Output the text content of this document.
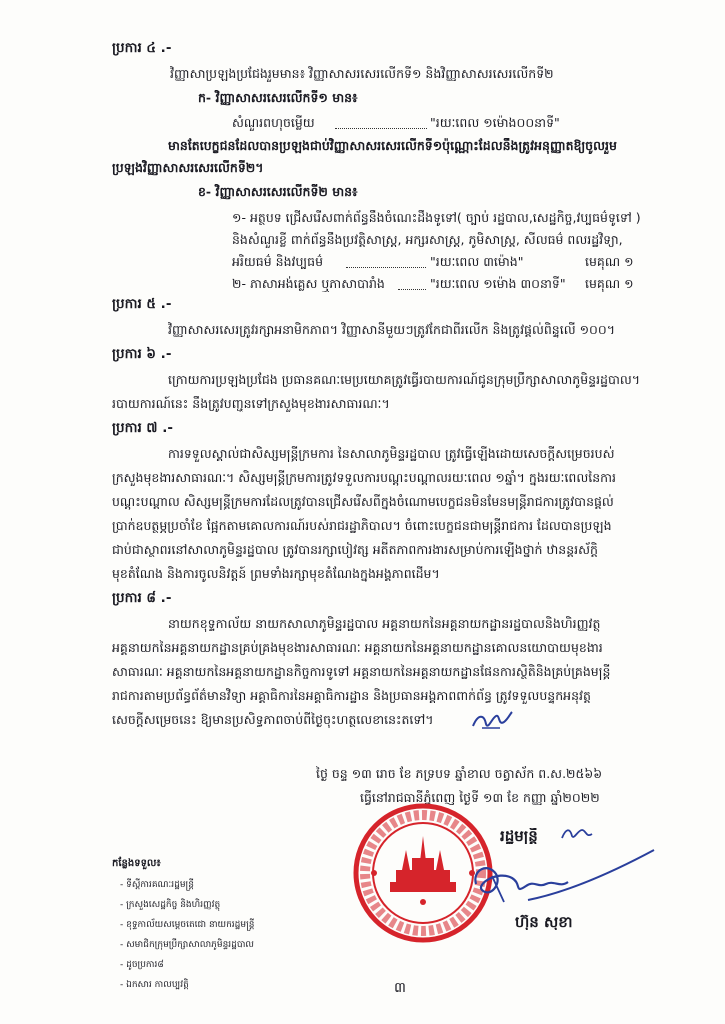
ប្រការ ៤ .-
វិញ្ញាសាប្រឡងប្រជែងរួមមាន៖ វិញ្ញាសាសរសេរលើកទី១ និងវិញ្ញាសាសរសេរលើកទី២
ក- វិញ្ញាសាសរសេរលើកទី១ មាន៖
សំណួរពហុចម្លើយ	"រយៈពេល ១ម៉ោង០០នាទី"
មានតែបេក្ខជនដែលបានប្រឡងជាប់វិញ្ញាសាសរសេរលើកទី១ប៉ុណ្ណោះដែលនឹងត្រូវអនុញ្ញាតឱ្យចូលរួម
ប្រឡងវិញ្ញាសាសរសេរលើកទី២។
ខ- វិញ្ញាសាសរសេរលើកទី២ មាន៖
១- អត្ថបទ ជ្រើសរើសពាក់ព័ន្ធនឹងចំណេះដឹងទូទៅ( ច្បាប់ រដ្ឋបាល,សេដ្ឋកិច្ច,វប្បធម៌ទូទៅ )
និងសំណួរខ្លី ពាក់ព័ន្ធនឹងប្រវត្តិសាស្ត្រ, អក្សរសាស្ត្រ, ភូមិសាស្ត្រ, សីលធម៌ ពលរដ្ឋវិទ្យា,
អរិយធម៌ និងវប្បធម៌	"រយៈពេល ៣ម៉ោង"	មេគុណ ១
២- ភាសាអង់គ្លេស ឬភាសាបារាំង	"រយៈពេល ១ម៉ោង ៣០នាទី" មេគុណ ១
ប្រការ ៥ .-
វិញ្ញាសាសរសេរត្រូវរក្សាអនាមិកភាព។ វិញ្ញាសានីមួយៗត្រូវកែជាពីរលើក និងត្រូវផ្តល់ពិន្ទុលើ ១០០។
ប្រការ ៦ .-
ក្រោយការប្រឡងប្រជែង ប្រធានគណៈមេប្រយោគត្រូវធ្វើរបាយការណ៍ជូនក្រុមប្រឹក្សាសាលាភូមិន្ទរដ្ឋបាល។
របាយការណ៍នេះ នឹងត្រូវបញ្ជូនទៅក្រសួងមុខងារសាធារណៈ។
ប្រការ ៧ .-
ការទទួលស្គាល់ជាសិស្សមន្ត្រីក្រមការ នៃសាលាភូមិន្ទរដ្ឋបាល ត្រូវធ្វើឡើងដោយសេចក្តីសម្រេចរបស់
ក្រសួងមុខងារសាធារណៈ។ សិស្សមន្ត្រីក្រមការត្រូវទទួលការបណ្តុះបណ្តាលរយៈពេល ១ឆ្នាំ។ ក្នុងរយៈពេលនៃការ
បណ្តុះបណ្តាល សិស្សមន្ត្រីក្រមការដែលត្រូវបានជ្រើសរើសពីក្នុងចំណោមបេក្ខជនមិនមែនមន្ត្រីរាជការត្រូវបានផ្តល់
ប្រាក់ឧបត្ថម្ភប្រចាំខែ ផ្អែកតាមគោលការណ៍របស់រាជរដ្ឋាភិបាល។ ចំពោះបេក្ខជនជាមន្ត្រីរាជការ ដែលបានប្រឡង
ជាប់ជាស្ថាពរនៅសាលាភូមិន្ទរដ្ឋបាល ត្រូវបានរក្សាបៀវត្ស អតីតភាពការងារសម្រាប់ការឡើងថ្នាក់ ឋានន្តរស័ក្តិ
មុខតំណែង និងការចូលនិវត្តន៍ ព្រមទាំងរក្សាមុខតំណែងក្នុងអង្គភាពដើម។
ប្រការ ៨ .-
នាយកខុទ្ទកាល័យ នាយកសាលាភូមិន្ទរដ្ឋបាល អគ្គនាយកនៃអគ្គនាយកដ្ឋានរដ្ឋបាលនិងហិរញ្ញវត្ថុ
អគ្គនាយកនៃអគ្គនាយកដ្ឋានគ្រប់គ្រងមុខងារសាធារណៈ អគ្គនាយកនៃអគ្គនាយកដ្ឋានគោលនយោបាយមុខងារ
សាធារណៈ អគ្គនាយកនៃអគ្គនាយកដ្ឋានកិច្ចការទូទៅ អគ្គនាយកនៃអគ្គនាយកដ្ឋានផែនការស្ថិតិនិងគ្រប់គ្រងមន្ត្រី
រាជការតាមប្រព័ន្ធព័ត៌មានវិទ្យា អគ្គាធិការនៃអគ្គាធិការដ្ឋាន និងប្រធានអង្គភាពពាក់ព័ន្ធ ត្រូវទទួលបន្ទុកអនុវត្ត
សេចក្តីសម្រេចនេះ ឱ្យមានប្រសិទ្ធភាពចាប់ពីថ្ងៃចុះហត្ថលេខានេះតទៅ។
ថ្ងៃ ចន្ទ ១៣ រោច ខែ ភទ្របទ ឆ្នាំខាល ចត្វាស័ក ព.ស.២៥៦៦
ធ្វើនៅរាជធានីភ្នំពេញ ថ្ងៃទី ១៣ ខែ កញ្ញា ឆ្នាំ២០២២
រដ្ឋមន្ត្រី
ហ៊ុន សុខា
កន្លែងទទួល៖
- ទីស្តីការគណៈរដ្ឋមន្ត្រី
- ក្រសួងសេដ្ឋកិច្ច និងហិរញ្ញវត្ថុ
- ខុទ្ទកាល័យសម្តេចតេជោ នាយករដ្ឋមន្ត្រី
- សមាជិកក្រុមប្រឹក្សាសាលាភូមិន្ទរដ្ឋបាល
- ដូចប្រការ៨
- ឯកសារ កាលប្បវត្តិ	៣
